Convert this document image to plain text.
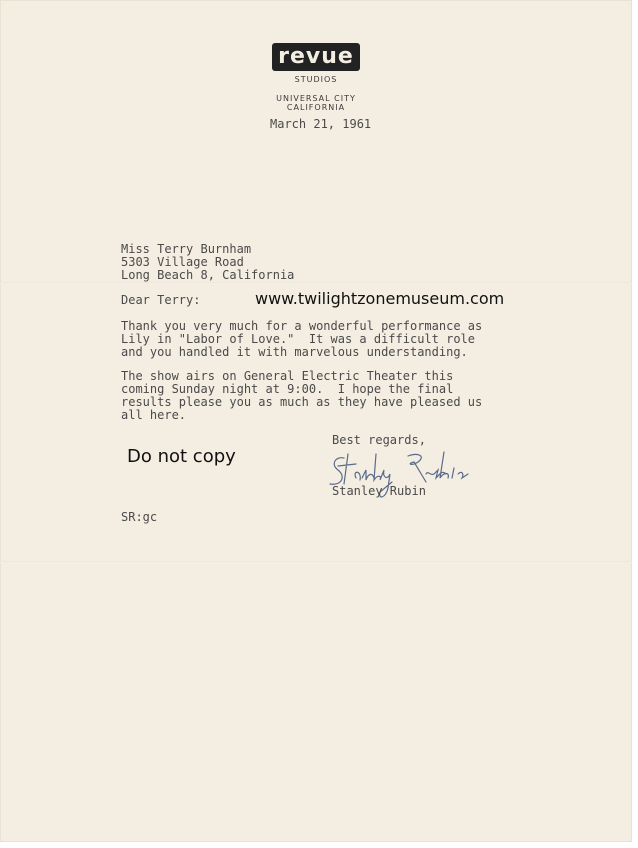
revue
STUDIOS
UNIVERSAL CITY
CALIFORNIA
March 21, 1961
Miss Terry Burnham
5303 Village Road
Long Beach 8, California
Dear Terry:
Thank you very much for a wonderful performance as
Lily in "Labor of Love."  It was a difficult role
and you handled it with marvelous understanding.
The show airs on General Electric Theater this
coming Sunday night at 9:00.  I hope the final
results please you as much as they have pleased us
all here.
Best regards,
Stanley Rubin
Stanley Rubin
SR:gc
www.twilightzonemuseum.com
Do not copy
